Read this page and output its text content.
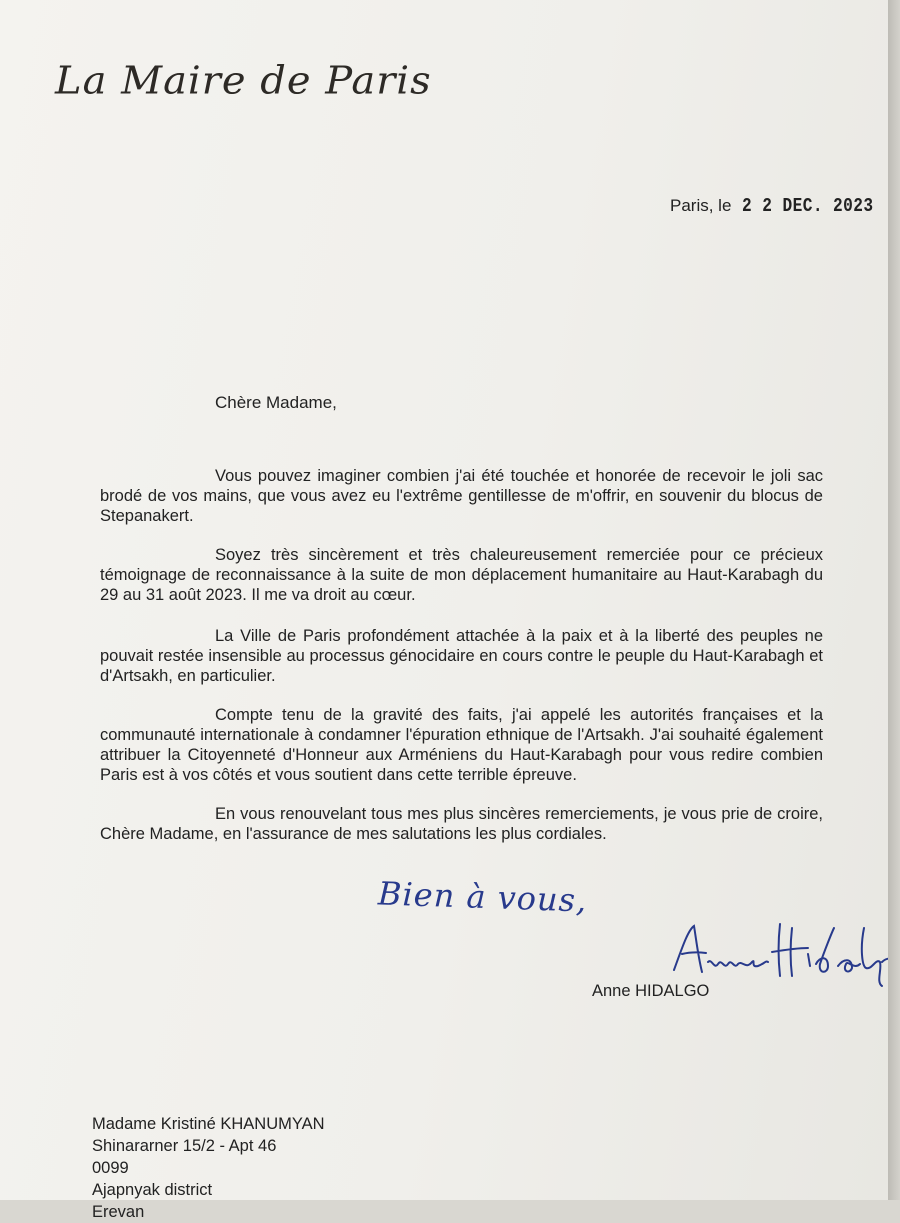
La Maire de Paris
Paris, le 2 2 DEC. 2023
Chère Madame,

Vous pouvez imaginer combien j'ai été touchée et honorée de recevoir le joli sac brodé de vos mains, que vous avez eu l'extrême gentillesse de m'offrir, en souvenir du blocus de Stepanakert.

Soyez très sincèrement et très chaleureusement remerciée pour ce précieux témoignage de reconnaissance à la suite de mon déplacement humanitaire au Haut-Karabagh du 29 au 31 août 2023. Il me va droit au cœur.

La Ville de Paris profondément attachée à la paix et à la liberté des peuples ne pouvait restée insensible au processus génocidaire en cours contre le peuple du Haut-Karabagh et d'Artsakh, en particulier.

Compte tenu de la gravité des faits, j'ai appelé les autorités françaises et la communauté internationale à condamner l'épuration ethnique de l'Artsakh. J'ai souhaité également attribuer la Citoyenneté d'Honneur aux Arméniens du Haut-Karabagh pour vous redire combien Paris est à vos côtés et vous soutient dans cette terrible épreuve.

En vous renouvelant tous mes plus sincères remerciements, je vous prie de croire, Chère Madame, en l'assurance de mes salutations les plus cordiales.

Bien à vous,
Anne HIDALGO
Madame Kristiné KHANUMYAN
Shinararner 15/2 - Apt 46
0099
Ajapnyak district
Erevan
